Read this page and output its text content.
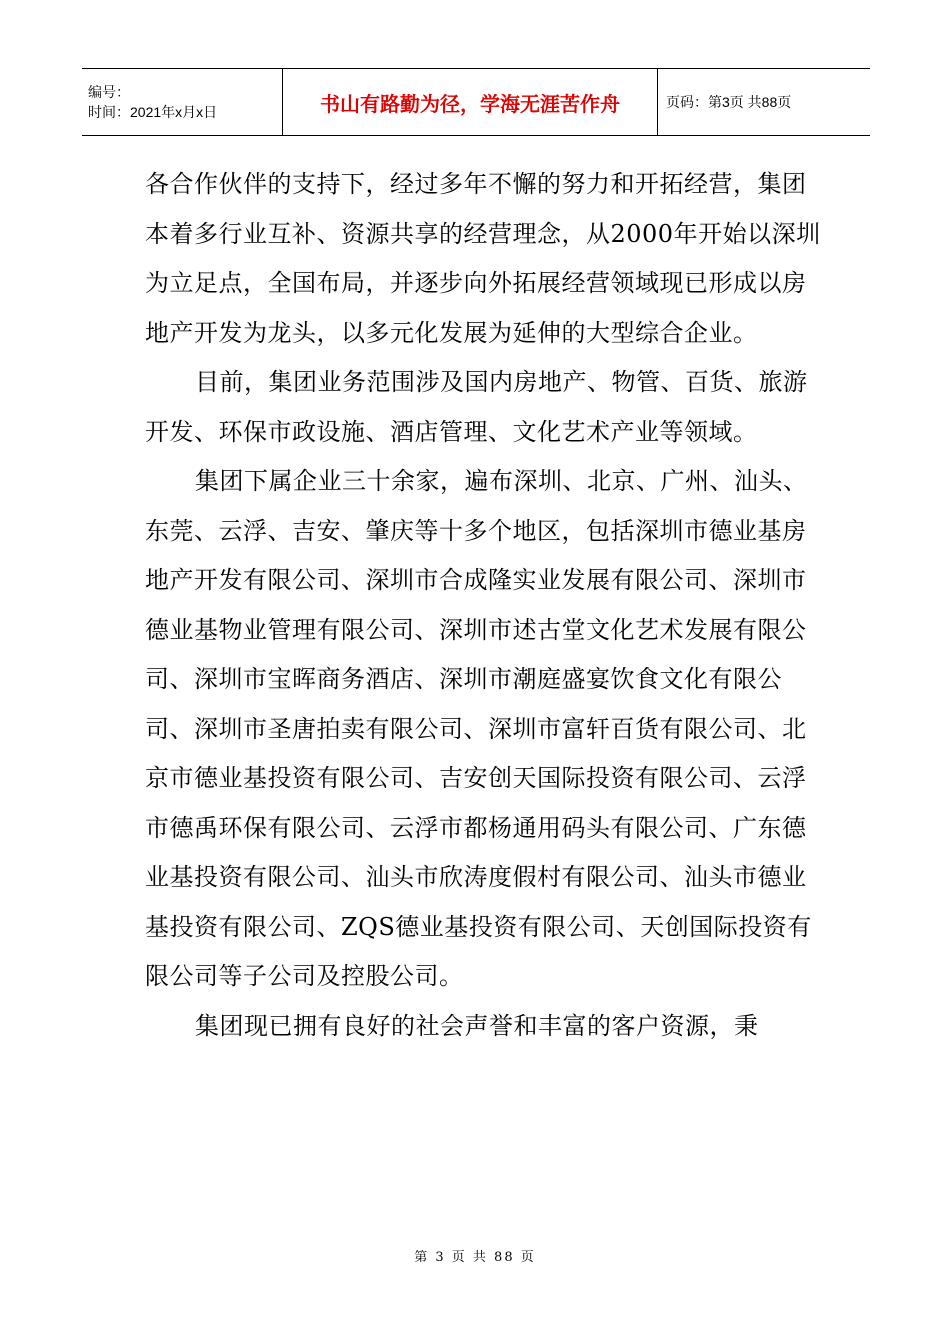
编号：
时间：2021年x月x日	书山有路勤为径，学海无涯苦作舟	页码：第3页 共88页

各合作伙伴的支持下，经过多年不懈的努力和开拓经营，集团本着多行业互补、资源共享的经营理念，从2000年开始以深圳为立足点，全国布局，并逐步向外拓展经营领域现已形成以房地产开发为龙头，以多元化发展为延伸的大型综合企业。

目前，集团业务范围涉及国内房地产、物管、百货、旅游开发、环保市政设施、酒店管理、文化艺术产业等领域。

集团下属企业三十余家，遍布深圳、北京、广州、汕头、东莞、云浮、吉安、肇庆等十多个地区，包括深圳市德业基房地产开发有限公司、深圳市合成隆实业发展有限公司、深圳市德业基物业管理有限公司、深圳市述古堂文化艺术发展有限公司、深圳市宝晖商务酒店、深圳市潮庭盛宴饮食文化有限公司、深圳市圣唐拍卖有限公司、深圳市富轩百货有限公司、北京市德业基投资有限公司、吉安创天国际投资有限公司、云浮市德禹环保有限公司、云浮市都杨通用码头有限公司、广东德业基投资有限公司、汕头市欣涛度假村有限公司、汕头市德业基投资有限公司、ZQS德业基投资有限公司、天创国际投资有限公司等子公司及控股公司。

集团现已拥有良好的社会声誉和丰富的客户资源，秉

第 3 页 共 88 页
